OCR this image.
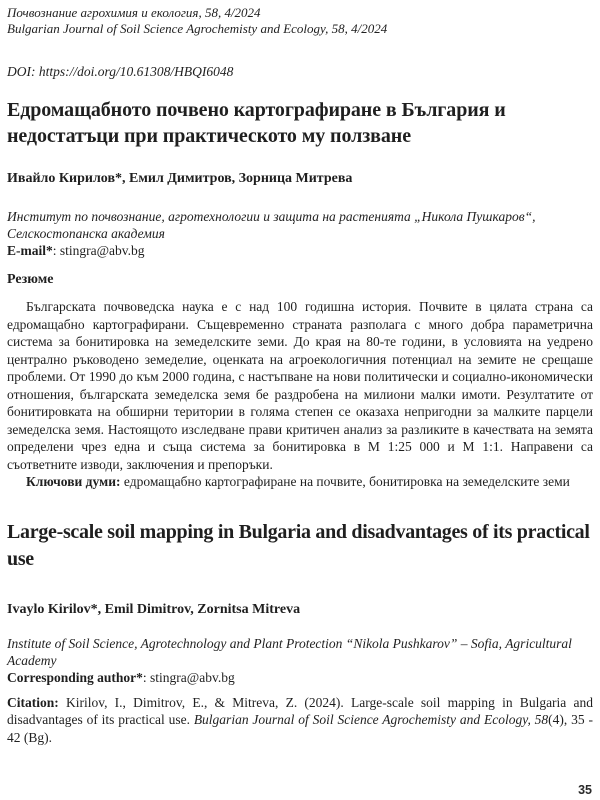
Почвознание агрохимия и екология, 58, 4/2024

Bulgarian Journal of Soil Science Agrochemisty and Ecology, 58, 4/2024

DOI: https://doi.org/10.61308/HBQI6048

Едромащабното почвено картографиране в България и недостатъци при практическото му ползване

Ивайло Кирилов*, Емил Димитров, Зорница Митрева

Институт по почвознание, агротехнологии и защита на растенията „Никола Пушкаров“, Селскостопанска академия

E-mail*: stingra@abv.bg

Резюме

Българската почвоведска наука е с над 100 годишна история. Почвите в цялата страна са едромащабно картографирани. Същевременно страната разполага с много добра параметрична система за бонитировка на земеделските земи. До края на 80-те години, в условията на уедрено централно ръководено земеделие, оценката на агроекологичния потенциал на земите не срещаше проблеми. От 1990 до към 2000 година, с настъпване на нови политически и социално-икономически отношения, българската земеделска земя бе раздробена на милиони малки имоти. Резултатите от бонитировката на обширни територии в голяма степен се оказаха непригодни за малките парцели земеделска земя. Настоящото изследване прави критичен анализ за разликите в качествата на земята определени чрез една и съща система за бонитировка в М 1:25 000 и М 1:1. Направени са съответните изводи, заключения и препоръки.

Ключови думи: едромащабно картографиране на почвите, бонитировка на земеделските земи

Large-scale soil mapping in Bulgaria and disadvantages of its practical use

Ivaylo Kirilov*, Emil Dimitrov, Zornitsa Mitreva

Institute of Soil Science, Agrotechnology and Plant Protection “Nikola Pushkarov” – Sofia, Agricultural Academy

Corresponding author*: stingra@abv.bg

Citation: Kirilov, I., Dimitrov, E., & Mitreva, Z. (2024). Large-scale soil mapping in Bulgaria and disadvantages of its practical use. Bulgarian Journal of Soil Science Agrochemisty and Ecology, 58(4), 35 - 42 (Bg).

35
